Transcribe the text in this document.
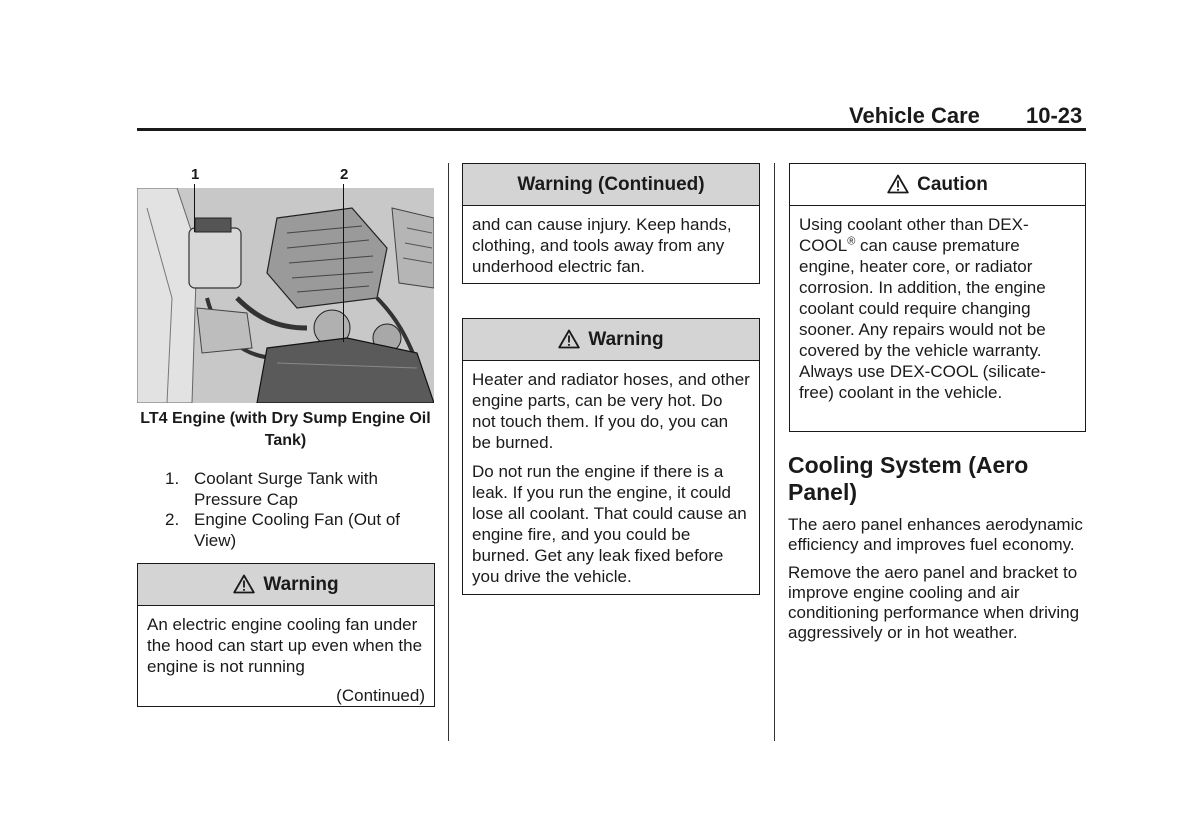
Vehicle Care 10-23
1	2
LT4 Engine (with Dry Sump Engine Oil Tank)
1. Coolant Surge Tank with Pressure Cap
2. Engine Cooling Fan (Out of View)
Warning

An electric engine cooling fan under the hood can start up even when the engine is not running

(Continued)

Warning (Continued)

and can cause injury. Keep hands, clothing, and tools away from any underhood electric fan.

Warning

Heater and radiator hoses, and other engine parts, can be very hot. Do not touch them. If you do, you can be burned.

Do not run the engine if there is a leak. If you run the engine, it could lose all coolant. That could cause an engine fire, and you could be burned. Get any leak fixed before you drive the vehicle.

Caution

Using coolant other than DEX-COOL® can cause premature engine, heater core, or radiator corrosion. In addition, the engine coolant could require changing sooner. Any repairs would not be covered by the vehicle warranty. Always use DEX-COOL (silicate-free) coolant in the vehicle.

Cooling System (Aero Panel)

The aero panel enhances aerodynamic efficiency and improves fuel economy.

Remove the aero panel and bracket to improve engine cooling and air conditioning performance when driving aggressively or in hot weather.
